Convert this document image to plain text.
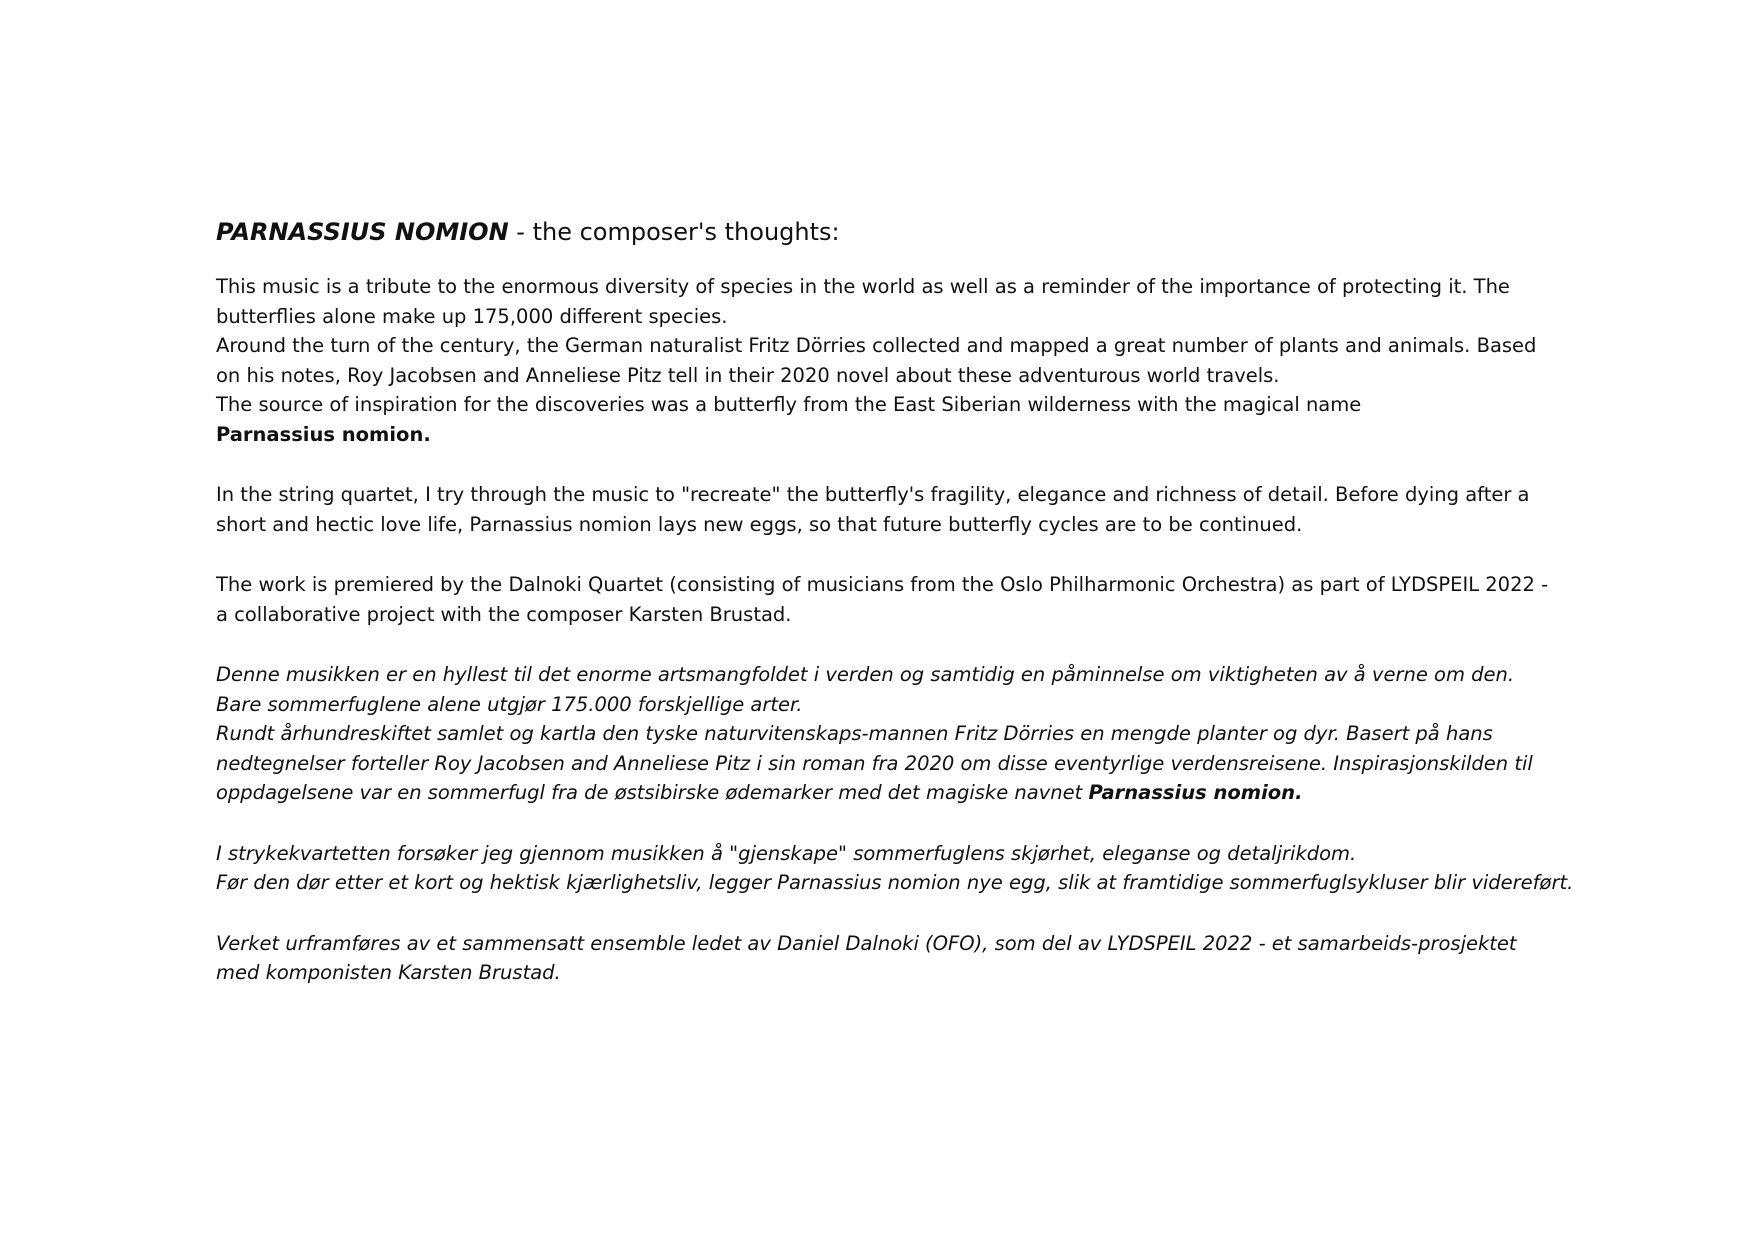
PARNASSIUS NOMION - the composer's thoughts:

This music is a tribute to the enormous diversity of species in the world as well as a reminder of the importance of protecting it. The butterflies alone make up 175,000 different species.

Around the turn of the century, the German naturalist Fritz Dörries collected and mapped a great number of plants and animals. Based on his notes, Roy Jacobsen and Anneliese Pitz tell in their 2020 novel about these adventurous world travels.

The source of inspiration for the discoveries was a butterfly from the East Siberian wilderness with the magical name

Parnassius nomion.

In the string quartet, I try through the music to "recreate" the butterfly's fragility, elegance and richness of detail. Before dying after a short and hectic love life, Parnassius nomion lays new eggs, so that future butterfly cycles are to be continued.

The work is premiered by the Dalnoki Quartet (consisting of musicians from the Oslo Philharmonic Orchestra) as part of LYDSPEIL 2022 - a collaborative project with the composer Karsten Brustad.

Denne musikken er en hyllest til det enorme artsmangfoldet i verden og samtidig en påminnelse om viktigheten av å verne om den. Bare sommerfuglene alene utgjør 175.000 forskjellige arter.

Rundt århundreskiftet samlet og kartla den tyske naturvitenskaps-mannen Fritz Dörries en mengde planter og dyr. Basert på hans nedtegnelser forteller Roy Jacobsen and Anneliese Pitz i sin roman fra 2020 om disse eventyrlige verdensreisene. Inspirasjonskilden til oppdagelsene var en sommerfugl fra de østsibirske ødemarker med det magiske navnet Parnassius nomion.

I strykekvartetten forsøker jeg gjennom musikken å "gjenskape" sommerfuglens skjørhet, eleganse og detaljrikdom.

Før den dør etter et kort og hektisk kjærlighetsliv, legger Parnassius nomion nye egg, slik at framtidige sommerfuglsykluser blir videreført.

Verket urframføres av et sammensatt ensemble ledet av Daniel Dalnoki (OFO), som del av LYDSPEIL 2022 - et samarbeids-prosjektet med komponisten Karsten Brustad.
